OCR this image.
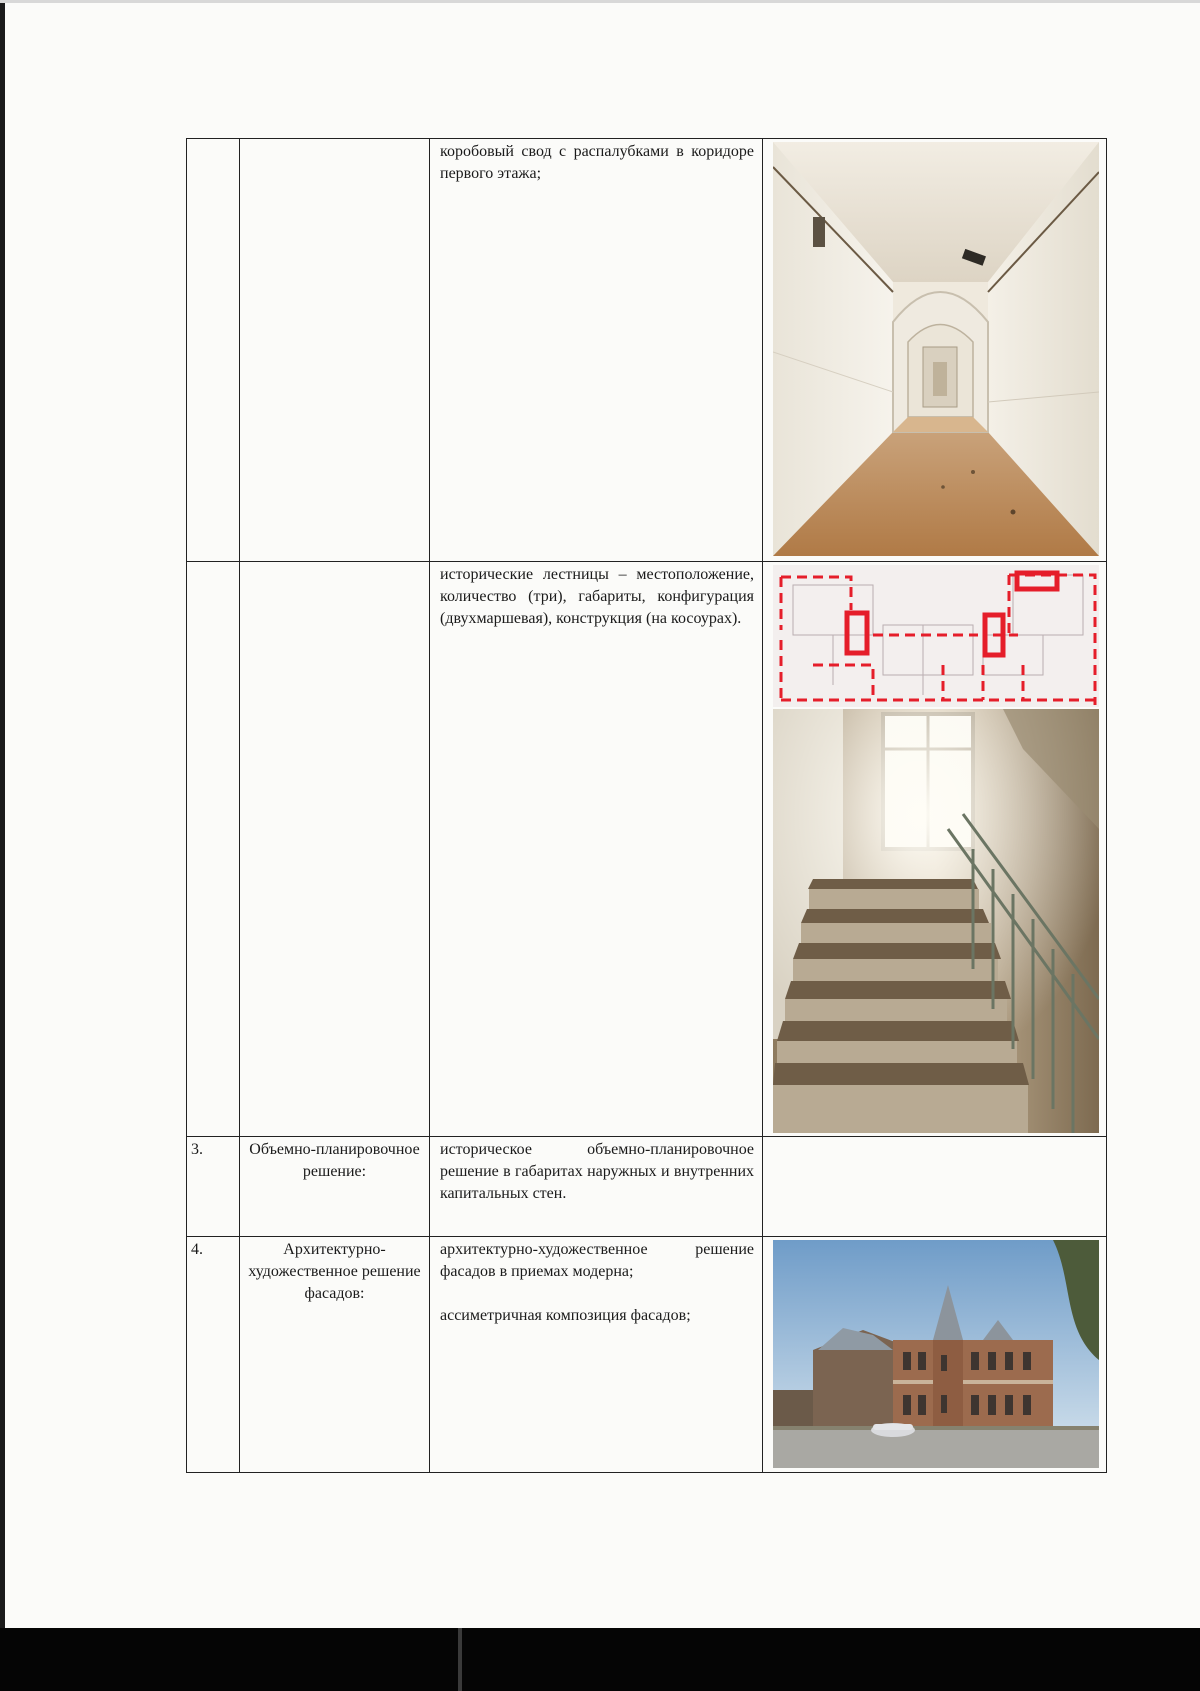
		коробовый свод с распалубками в коридоре первого этажа;

		исторические лестницы – местоположение, количество (три), габариты, конфигурация (двухмаршевая), конструкция (на косоурах).

3.	Объемно-планировочное решение:	историческое объемно-планировочное решение в габаритах наружных и внутренних капитальных стен.	

4.	Архитектурно-художественное решение фасадов:	архитектурно-художественное решение фасадов в приемах модерна;

ассиметричная композиция фасадов;
